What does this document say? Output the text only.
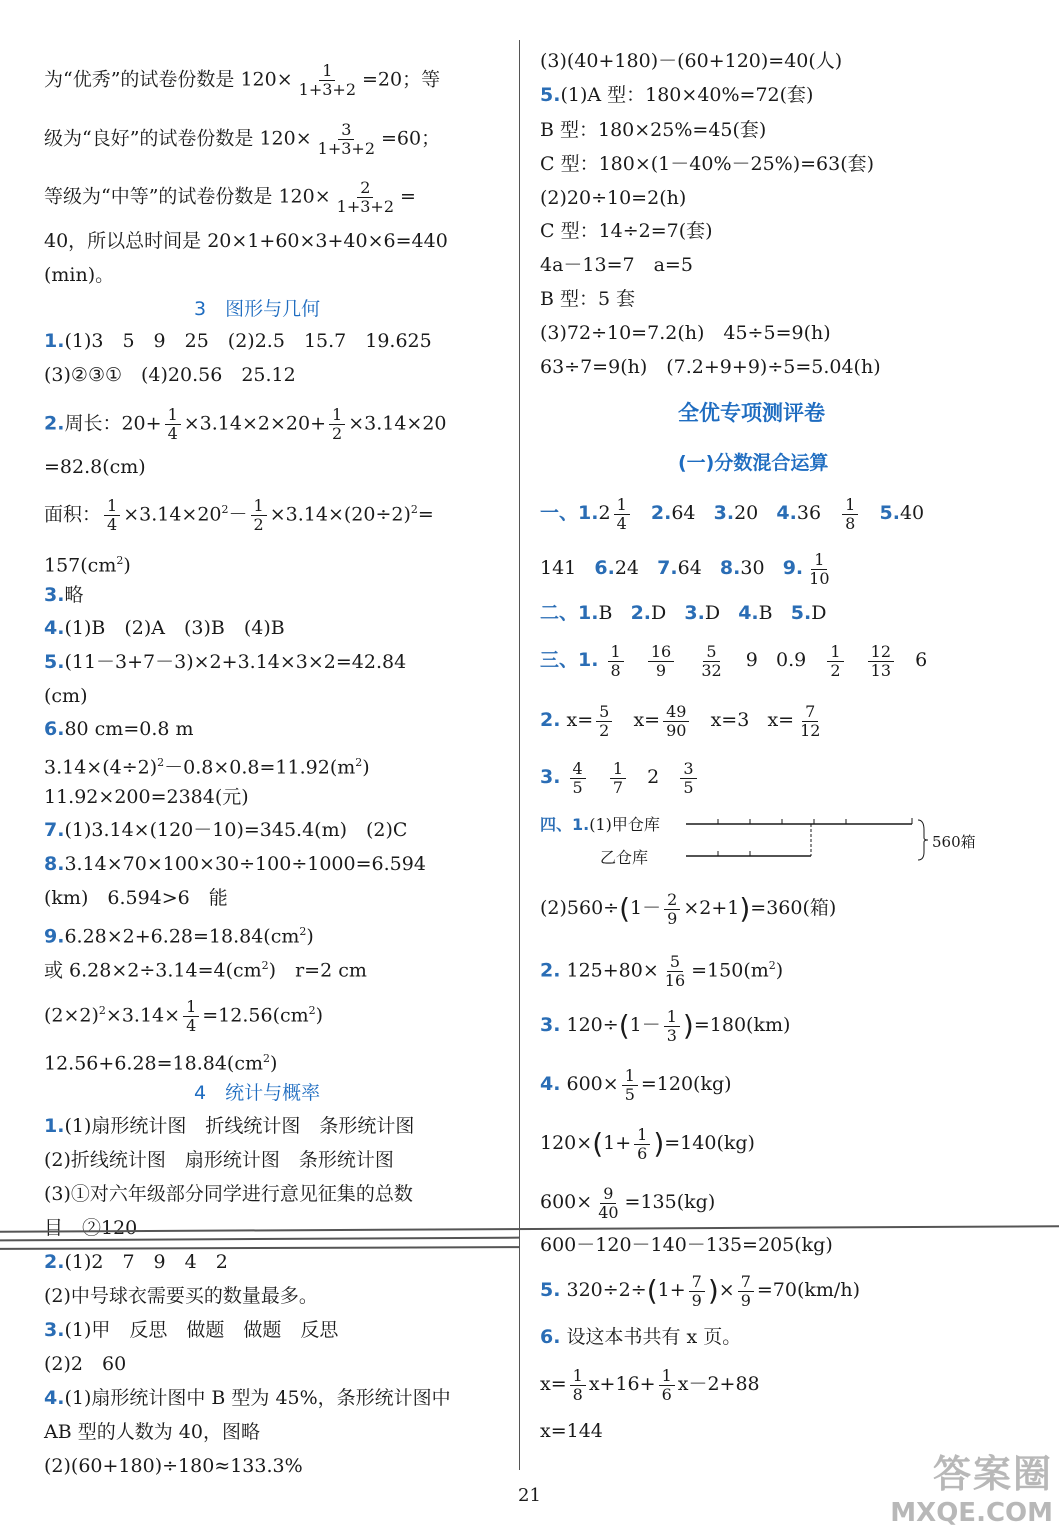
为“优秀”的试卷份数是 $120\times \frac{1}{1+3+2} =20$；等
级为“良好”的试卷份数是 $120\times \frac{3}{1+3+2} =60$；
等级为“中等”的试卷份数是 $120\times \frac{2}{1+3+2}$ =
40，所以总时间是 20×1+60×3+40×6=440
(min)。
3　图形与几何
1.(1)3　5　9　25　(2)2.5　15.7　19.625
(3)②③①　(4)20.56　25.12
2.周长：$20+ \frac{1}{4} \times 3.14\times 2\times 20+ \frac{1}{2} \times 3.14\times 20$
=82.8(cm)
面积： $\frac{1}{4} \times 3.14\times 20^2- \frac{1}{2} \times 3.14\times(20\div 2)^2=$
$157(cm^2)$
3.略
4.(1)B　(2)A　(3)B　(4)B
5.(11－3+7－3)×2+3.14×3×2=42.84
(cm)
6.80 cm=0.8 m
$3.14\times(4\div 2)^2-0.8\times 0.8=11.92(m^2)$
11.92×200=2384(元)
7.(1)3.14×(120－10)=345.4(m)　(2)C
8.3.14×70×100×30÷100÷1000=6.594
(km)　6.594>6　能
$9.6.28\times 2+6.28=18.84(cm^2)$
或 $6.28\times 2\div 3.14=4(cm^2)$　r=2 cm
$(2\times 2)^2\times 3.14\times \frac{1}{4} =12.56(cm^2)$
$12.56+6.28=18.84(cm^2)$
4　统计与概率
1.(1)扇形统计图　折线统计图　条形统计图
(2)折线统计图　扇形统计图　条形统计图
(3)①对六年级部分同学进行意见征集的总数
目　②120
2.(1)2　7　9　4　2
(2)中号球衣需要买的数量最多。
3.(1)甲　反思　做题　做题　反思
(2)2　60
4.(1)扇形统计图中 B 型为 45%，条形统计图中
AB 型的人数为 40，图略
(2)(60+180)÷180≈133.3%
(3)(40+180)－(60+120)=40(人)
5.(1)A 型：180×40%=72(套)
B 型：180×25%=45(套)
C 型：180×(1－40%－25%)=63(套)
(2)20÷10=2(h)
C 型：14÷2=7(套)
4a－13=7　a=5
B 型：5 套
(3)72÷10=7.2(h)　45÷5=9(h)
63÷7=9(h)　(7.2+9+9)÷5=5.04(h)
全优专项测评卷
(一)分数混合运算
一、$1.2 \frac{1}{4} 2.64$ 3.20 $4.36 \frac{1}{8} 5.40$
141 6.24 7.64 8.30 9. $\frac{1}{10}$
二、1.B 2.D 3.D 4.B 5.D
三、1. $\frac{1}{8}$
$\frac{16}{9}$
$\frac{5}{32} 9$ $0.9 \frac{1}{2}$
$\frac{12}{13} 6$
2. $x= \frac{5}{2} x= \frac{49}{90} x=3$ $x= \frac{7}{12}$
3. $\frac{4}{5}$
$\frac{1}{7} 2 \frac{3}{5}$
四、1.(1)甲仓库
乙仓库
560箱
$(2)560\div(1- \frac{2}{9} \times 2+1)=360$(箱)
2. $125+80\times \frac{5}{16} =150(m^2)$
3. $120\div(1- \frac{1}{3} )=180(km)$
4. $600\times \frac{1}{5} =120(kg)$
$120\times(1+ \frac{1}{6} )=140(kg)$
$600\times \frac{9}{40} =135(kg)$
600－120－140－135=205(kg)
5. $320\div 2\div(1+ \frac{7}{9}$ )× $\frac{7}{9} =70(km/h)$
6. 设这本书共有 x 页。
$x= \frac{1}{8} x+16+ \frac{1}{6} x-2+88$
x=144
21	答案圈
MXQE.COM
